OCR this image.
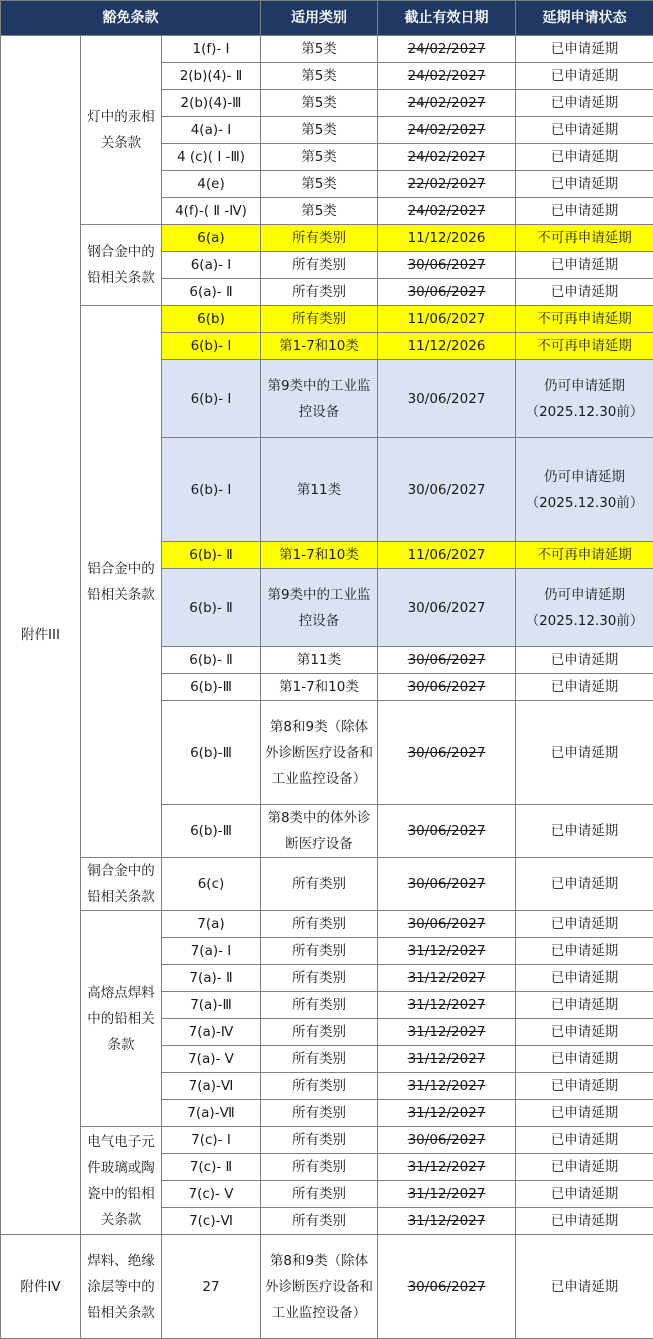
豁免条款			适用类别	截止有效日期	延期申请状态
附件III	灯中的汞相关条款	1(f)- Ⅰ	第5类	24/02/2027	已申请延期
		2(b)(4)- Ⅱ	第5类	24/02/2027	已申请延期
		2(b)(4)-Ⅲ	第5类	24/02/2027	已申请延期
		4(a)- Ⅰ	第5类	24/02/2027	已申请延期
		4 (c)( Ⅰ -Ⅲ)	第5类	24/02/2027	已申请延期
		4(e)	第5类	22/02/2027	已申请延期
		4(f)-( Ⅱ -Ⅳ)	第5类	24/02/2027	已申请延期
	钢合金中的铅相关条款	6(a)	所有类别	11/12/2026	不可再申请延期
		6(a)- Ⅰ	所有类别	30/06/2027	已申请延期
		6(a)- Ⅱ	所有类别	30/06/2027	已申请延期
	铝合金中的铅相关条款	6(b)	所有类别	11/06/2027	不可再申请延期
		6(b)- Ⅰ	第1-7和10类	11/12/2026	不可再申请延期
		6(b)- Ⅰ	第9类中的工业监控设备	30/06/2027	仍可申请延期（2025.12.30前）
		6(b)- Ⅰ	第11类	30/06/2027	仍可申请延期（2025.12.30前）
		6(b)- Ⅱ	第1-7和10类	11/06/2027	不可再申请延期
		6(b)- Ⅱ	第9类中的工业监控设备	30/06/2027	仍可申请延期（2025.12.30前）
		6(b)- Ⅱ	第11类	30/06/2027	已申请延期
		6(b)-Ⅲ	第1-7和10类	30/06/2027	已申请延期
		6(b)-Ⅲ	第8和9类（除体外诊断医疗设备和工业监控设备）	30/06/2027	已申请延期
		6(b)-Ⅲ	第8类中的体外诊断医疗设备	30/06/2027	已申请延期
	铜合金中的铅相关条款	6(c)	所有类别	30/06/2027	已申请延期
	高熔点焊料中的铅相关条款	7(a)	所有类别	30/06/2027	已申请延期
		7(a)- Ⅰ	所有类别	31/12/2027	已申请延期
		7(a)- Ⅱ	所有类别	31/12/2027	已申请延期
		7(a)-Ⅲ	所有类别	31/12/2027	已申请延期
		7(a)-Ⅳ	所有类别	31/12/2027	已申请延期
		7(a)- Ⅴ	所有类别	31/12/2027	已申请延期
		7(a)-Ⅵ	所有类别	31/12/2027	已申请延期
		7(a)-Ⅶ	所有类别	31/12/2027	已申请延期
	电气电子元件玻璃或陶瓷中的铅相关条款	7(c)- Ⅰ	所有类别	30/06/2027	已申请延期
		7(c)- Ⅱ	所有类别	31/12/2027	已申请延期
		7(c)- Ⅴ	所有类别	31/12/2027	已申请延期
		7(c)-Ⅵ	所有类别	31/12/2027	已申请延期
附件IV	焊料、绝缘涂层等中的铅相关条款	27	第8和9类（除体外诊断医疗设备和工业监控设备）	30/06/2027	已申请延期
